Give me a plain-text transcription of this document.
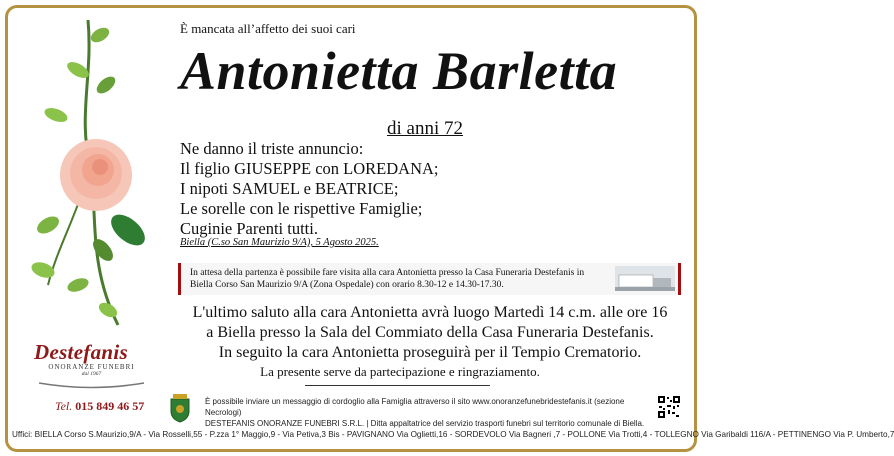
È mancata all’affetto dei suoi cari
Antonietta Barletta
di anni 72
Ne danno il triste annuncio:
Il figlio GIUSEPPE con LOREDANA;
I nipoti SAMUEL e BEATRICE;
Le sorelle con le rispettive Famiglie;
Cuginie Parenti tutti.
Biella (C.so San Maurizio 9/A), 5 Agosto 2025.
In attesa della partenza è possibile fare visita alla cara Antonietta presso la Casa Funeraria Destefanis in Biella Corso San Maurizio 9/A (Zona Ospedale) con orario 8.30-12 e 14.30-17.30.
L'ultimo saluto alla cara Antonietta avrà luogo Martedì 14 c.m. alle ore 16
a Biella presso la Sala del Commiato della Casa Funeraria Destefanis.
In seguito la cara Antonietta proseguirà per il Tempio Crematorio.
La presente serve da partecipazione e ringraziamento.
Destefanis
ONORANZE FUNEBRI
dal 1967
Tel. 015 849 46 57	È possibile inviare un messaggio di cordoglio alla Famiglia attraverso il sito www.onoranzefunebridestefanis.it (sezione Necrologi)
DESTEFANIS ONORANZE FUNEBRI S.R.L. | Ditta appaltatrice del servizio trasporti funebri sul territorio comunale di Biella.
Uffici: BIELLA Corso S.Maurizio,9/A - Via Rosselli,55 - P.zza 1° Maggio,9 - Via Petiva,3 Bis - PAVIGNANO Via Oglietti,16 - SORDEVOLO Via Bagneri ,7 - POLLONE Via Trotti,4 - TOLLEGNO Via Garibaldi 116/A - PETTINENGO Via P. Umberto,7
